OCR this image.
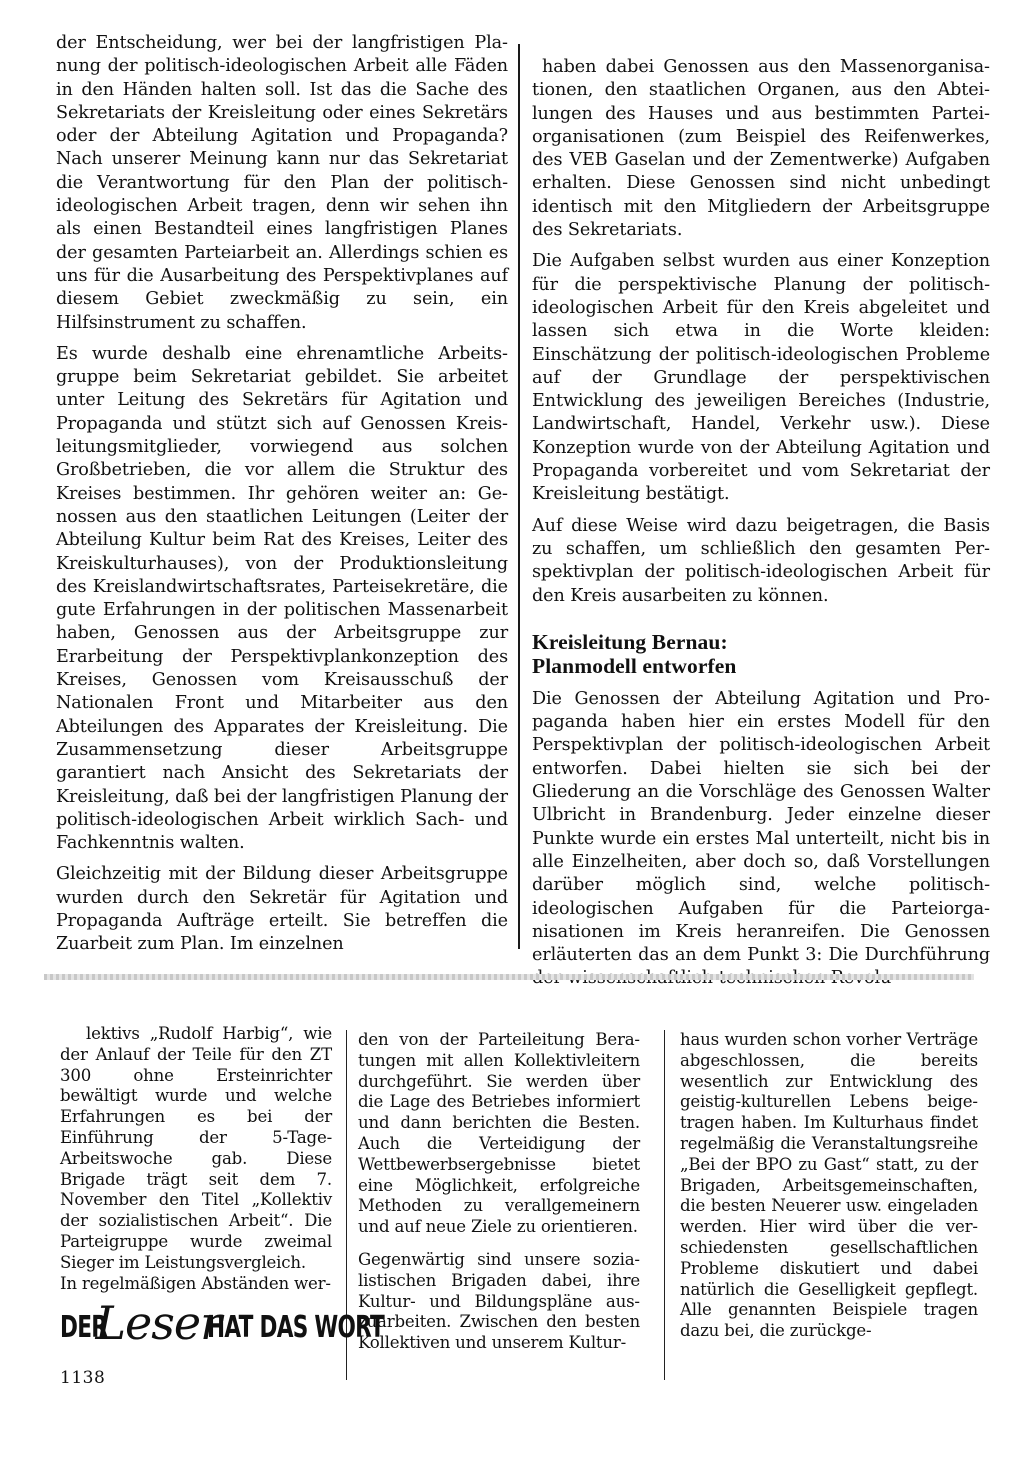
der Entscheidung, wer bei der langfristigen Planung der politisch-ideologischen Arbeit alle Fäden in den Händen halten soll. Ist das die Sache des Sekretariats der Kreisleitung oder eines Sekretärs oder der Abteilung Agitation und Propaganda? Nach unserer Meinung kann nur das Sekretariat die Verantwortung für den Plan der politisch-ideologischen Arbeit tragen, denn wir sehen ihn als einen Bestandteil eines langfristigen Planes der gesamten Parteiarbeit an. Allerdings schien es uns für die Ausarbeitung des Perspektivplanes auf diesem Gebiet zweckmäßig zu sein, ein Hilfsinstrument zu schaffen.

Es wurde deshalb eine ehrenamtliche Arbeitsgruppe beim Sekretariat gebildet. Sie arbeitet unter Leitung des Sekretärs für Agitation und Propaganda und stützt sich auf Genossen Kreisleitungsmitglieder, vorwiegend aus solchen Großbetrieben, die vor allem die Struktur des Kreises bestimmen. Ihr gehören weiter an: Genossen aus den staatlichen Leitungen (Leiter der Abteilung Kultur beim Rat des Kreises, Leiter des Kreiskulturhauses), von der Produktionsleitung des Kreislandwirtschaftsrates, Parteisekretäre, die gute Erfahrungen in der politischen Massenarbeit haben, Genossen aus der Arbeitsgruppe zur Erarbeitung der Perspektivplankonzeption des Kreises, Genossen vom Kreisausschuß der Nationalen Front und Mitarbeiter aus den Abteilungen des Apparates der Kreisleitung. Die Zusammensetzung dieser Arbeitsgruppe garantiert nach Ansicht des Sekretariats der Kreisleitung, daß bei der langfristigen Planung der politisch-ideologischen Arbeit wirklich Sach- und Fachkenntnis walten.

Gleichzeitig mit der Bildung dieser Arbeitsgruppe wurden durch den Sekretär für Agitation und Propaganda Aufträge erteilt. Sie betreffen die Zuarbeit zum Plan. Im einzelnen

haben dabei Genossen aus den Massenorganisationen, den staatlichen Organen, aus den Abteilungen des Hauses und aus bestimmten Parteiorganisationen (zum Beispiel des Reifenwerkes, des VEB Gaselan und der Zementwerke) Aufgaben erhalten. Diese Genossen sind nicht unbedingt identisch mit den Mitgliedern der Arbeitsgruppe des Sekretariats.

Die Aufgaben selbst wurden aus einer Konzeption für die perspektivische Planung der politisch-ideologischen Arbeit für den Kreis abgeleitet und lassen sich etwa in die Worte kleiden: Einschätzung der politisch-ideologischen Probleme auf der Grundlage der perspektivischen Entwicklung des jeweiligen Bereiches (Industrie, Landwirtschaft, Handel, Verkehr usw.). Diese Konzeption wurde von der Abteilung Agitation und Propaganda vorbereitet und vom Sekretariat der Kreisleitung bestätigt.

Auf diese Weise wird dazu beigetragen, die Basis zu schaffen, um schließlich den gesamten Perspektivplan der politisch-ideologischen Arbeit für den Kreis ausarbeiten zu können.

Kreisleitung Bernau:
Planmodell entworfen

Die Genossen der Abteilung Agitation und Propaganda haben hier ein erstes Modell für den Perspektivplan der politisch-ideologischen Arbeit entworfen. Dabei hielten sie sich bei der Gliederung an die Vorschläge des Genossen Walter Ulbricht in Brandenburg. Jeder einzelne dieser Punkte wurde ein erstes Mal unterteilt, nicht bis in alle Einzelheiten, aber doch so, daß Vorstellungen darüber möglich sind, welche politisch-ideologischen Aufgaben für die Parteiorganisationen im Kreis heranreifen. Die Genossen erläuterten das an dem Punkt 3: Die Durchführung

lektivs „Rudolf Harbig“, wie der Anlauf der Teile für den ZT 300 ohne Ersteinrichter bewältigt wurde und welche Erfahrungen es bei der Einführung der 5-Tage-Arbeitswoche gab. Diese Brigade trägt seit dem 7. November den Titel „Kollektiv der sozialistischen Arbeit“. Die Parteigruppe wurde zweimal Sieger im Leistungsvergleich.

In regelmäßigen Abständen wer-

den von der Parteileitung Beratungen mit allen Kollektivleitern durchgeführt. Sie werden über die Lage des Betriebes informiert und dann berichten die Besten. Auch die Verteidigung der Wettbewerbsergebnisse bietet eine Möglichkeit, erfolgreiche Methoden zu verallgemeinern und auf neue Ziele zu orientieren.

Gegenwärtig sind unsere sozialistischen Brigaden dabei, ihre Kultur- und Bildungspläne auszuarbeiten. Zwischen den besten Kollektiven und unserem Kultur-

haus wurden schon vorher Verträge abgeschlossen, die bereits wesentlich zur Entwicklung des geistig-kulturellen Lebens beigetragen haben. Im Kulturhaus findet regelmäßig die Veranstaltungsreihe „Bei der BPO zu Gast“ statt, zu der Brigaden, Arbeitsgemeinschaften, die besten Neuerer usw. eingeladen werden. Hier wird über die verschiedensten gesellschaftlichen Probleme diskutiert und dabei natürlich die Geselligkeit gepflegt. Alle genannten Beispiele tragen dazu bei, die zurückge-

DER
Leser
HAT DAS WORT
1138
